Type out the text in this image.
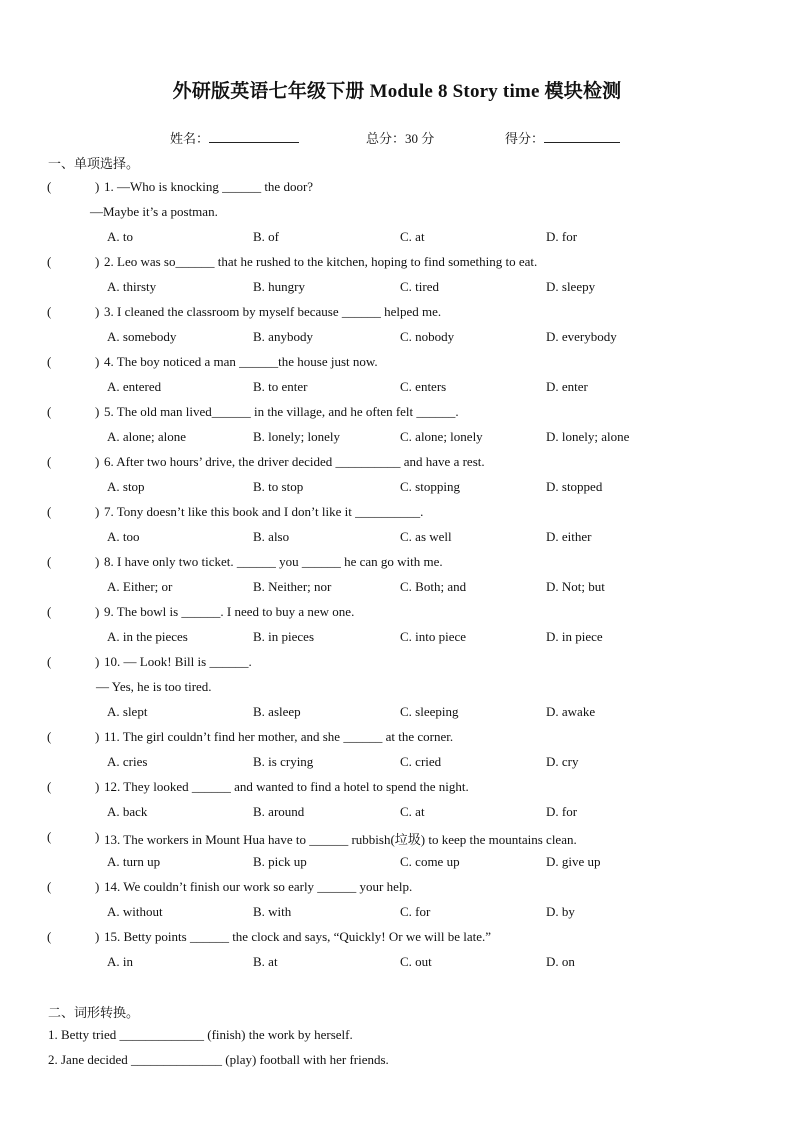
外研版英语七年级下册 Module 8 Story time 模块检测
姓名：	总分：30 分	得分：
一、单项选择。
(	) 1. —Who is knocking ______ the door?
—Maybe it’s a postman.
A. to	B. of	C. at	D. for
(	) 2. Leo was so______ that he rushed to the kitchen, hoping to find something to eat.
A. thirsty	B. hungry	C. tired	D. sleepy
(	) 3. I cleaned the classroom by myself because ______ helped me.
A. somebody	B. anybody	C. nobody	D. everybody
(	) 4. The boy noticed a man ______the house just now.
A. entered	B. to enter	C. enters	D. enter
(	) 5. The old man lived______ in the village, and he often felt ______.
A. alone; alone	B. lonely; lonely	C. alone; lonely	D. lonely; alone
(	) 6. After two hours’ drive, the driver decided __________ and have a rest.
A. stop	B. to stop	C. stopping	D. stopped
(	) 7. Tony doesn’t like this book and I don’t like it __________.
A. too	B. also	C. as well	D. either
(	) 8. I have only two ticket. ______ you ______ he can go with me.
A. Either; or	B. Neither; nor	C. Both; and	D. Not; but
(	) 9. The bowl is ______. I need to buy a new one.
A. in the pieces	B. in pieces	C. into piece	D. in piece
(	) 10. — Look! Bill is ______.
— Yes, he is too tired.
A. slept	B. asleep	C. sleeping	D. awake
(	) 11. The girl couldn’t find her mother, and she ______ at the corner.
A. cries	B. is crying	C. cried	D. cry
(	) 12. They looked ______ and wanted to find a hotel to spend the night.
A. back	B. around	C. at	D. for
(	) 13. The workers in Mount Hua have to ______ rubbish(垃圾) to keep the mountains clean.
A. turn up	B. pick up	C. come up	D. give up
(	) 14. We couldn’t finish our work so early ______ your help.
A. without	B. with	C. for	D. by
(	) 15. Betty points ______ the clock and says, “Quickly! Or we will be late.”
A. in	B. at	C. out	D. on
二、词形转换。
1. Betty tried _____________ (finish) the work by herself.
2. Jane decided ______________ (play) football with her friends.
